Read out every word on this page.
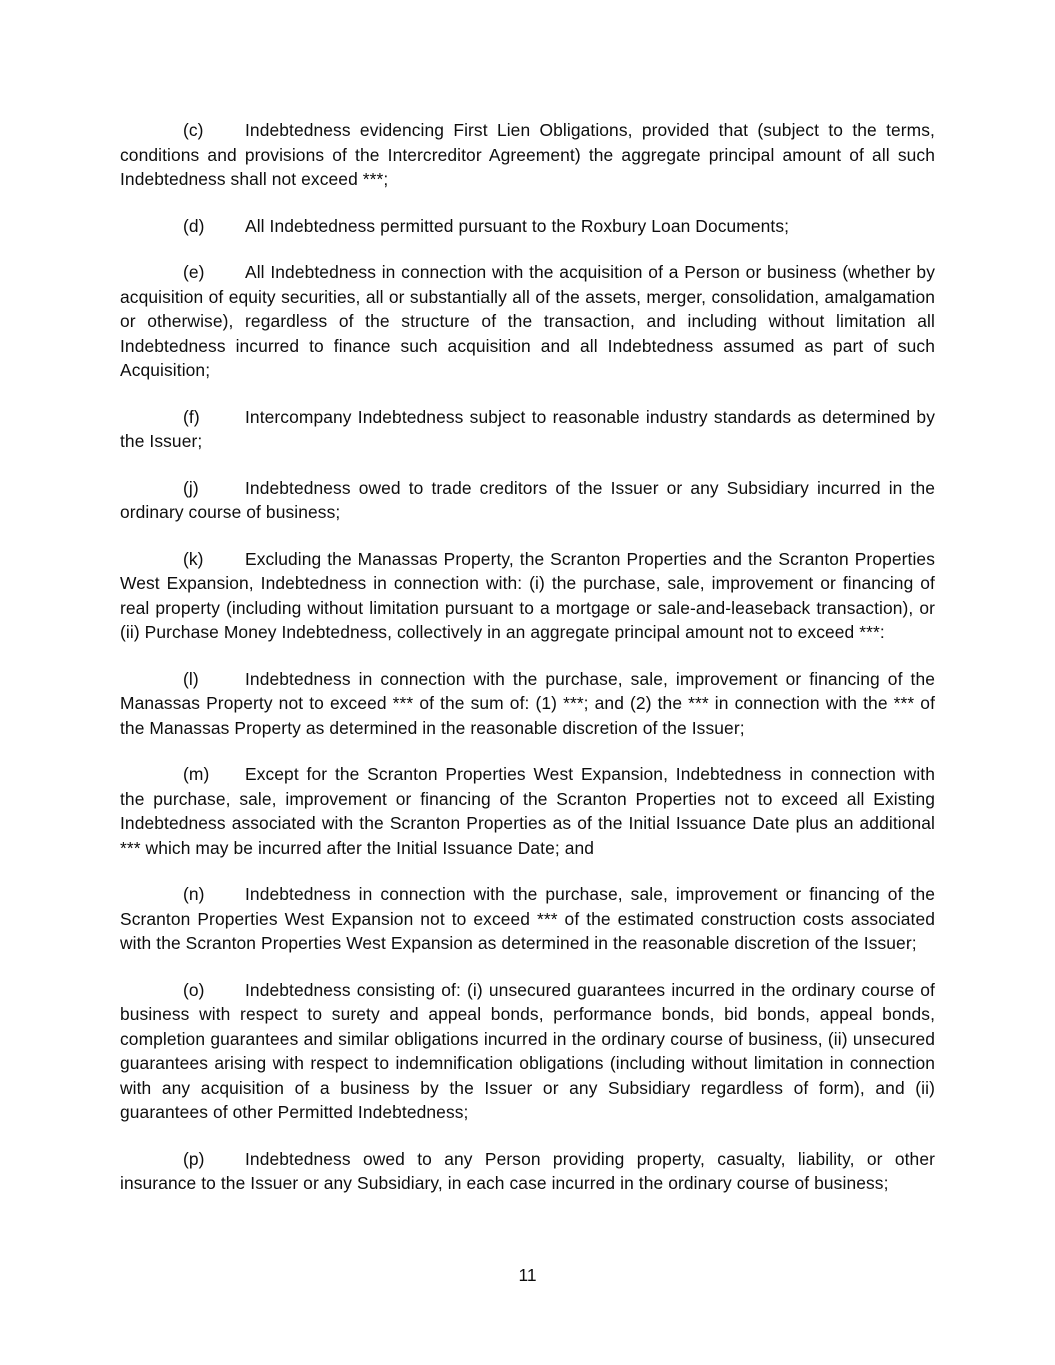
(c) Indebtedness evidencing First Lien Obligations, provided that (subject to the terms, conditions and provisions of the Intercreditor Agreement) the aggregate principal amount of all such Indebtedness shall not exceed ***;

(d) All Indebtedness permitted pursuant to the Roxbury Loan Documents;

(e) All Indebtedness in connection with the acquisition of a Person or business (whether by acquisition of equity securities, all or substantially all of the assets, merger, consolidation, amalgamation or otherwise), regardless of the structure of the transaction, and including without limitation all Indebtedness incurred to finance such acquisition and all Indebtedness assumed as part of such Acquisition;

(f)	Intercompany Indebtedness subject to reasonable industry standards as determined by the Issuer;

(j)	Indebtedness owed to trade creditors of the Issuer or any Subsidiary incurred in the ordinary course of business;

(k) Excluding the Manassas Property, the Scranton Properties and the Scranton Properties West Expansion, Indebtedness in connection with: (i) the purchase, sale, improvement or financing of real property (including without limitation pursuant to a mortgage or sale-and-leaseback transaction), or (ii) Purchase Money Indebtedness, collectively in an aggregate principal amount not to exceed ***:

(l)	Indebtedness in connection with the purchase, sale, improvement or financing of the Manassas Property not to exceed *** of the sum of: (1) ***; and (2) the *** in connection with the *** of the Manassas Property as determined in the reasonable discretion of the Issuer;

(m) Except for the Scranton Properties West Expansion, Indebtedness in connection with the purchase, sale, improvement or financing of the Scranton Properties not to exceed all Existing Indebtedness associated with the Scranton Properties as of the Initial Issuance Date plus an additional *** which may be incurred after the Initial Issuance Date; and

(n) Indebtedness in connection with the purchase, sale, improvement or financing of the Scranton Properties West Expansion not to exceed *** of the estimated construction costs associated with the Scranton Properties West Expansion as determined in the reasonable discretion of the Issuer;

(o) Indebtedness consisting of: (i) unsecured guarantees incurred in the ordinary course of business with respect to surety and appeal bonds, performance bonds, bid bonds, appeal bonds, completion guarantees and similar obligations incurred in the ordinary course of business, (ii) unsecured guarantees arising with respect to indemnification obligations (including without limitation in connection with any acquisition of a business by the Issuer or any Subsidiary regardless of form), and (ii) guarantees of other Permitted Indebtedness;

(p) Indebtedness owed to any Person providing property, casualty, liability, or other insurance to the Issuer or any Subsidiary, in each case incurred in the ordinary course of business;

11
